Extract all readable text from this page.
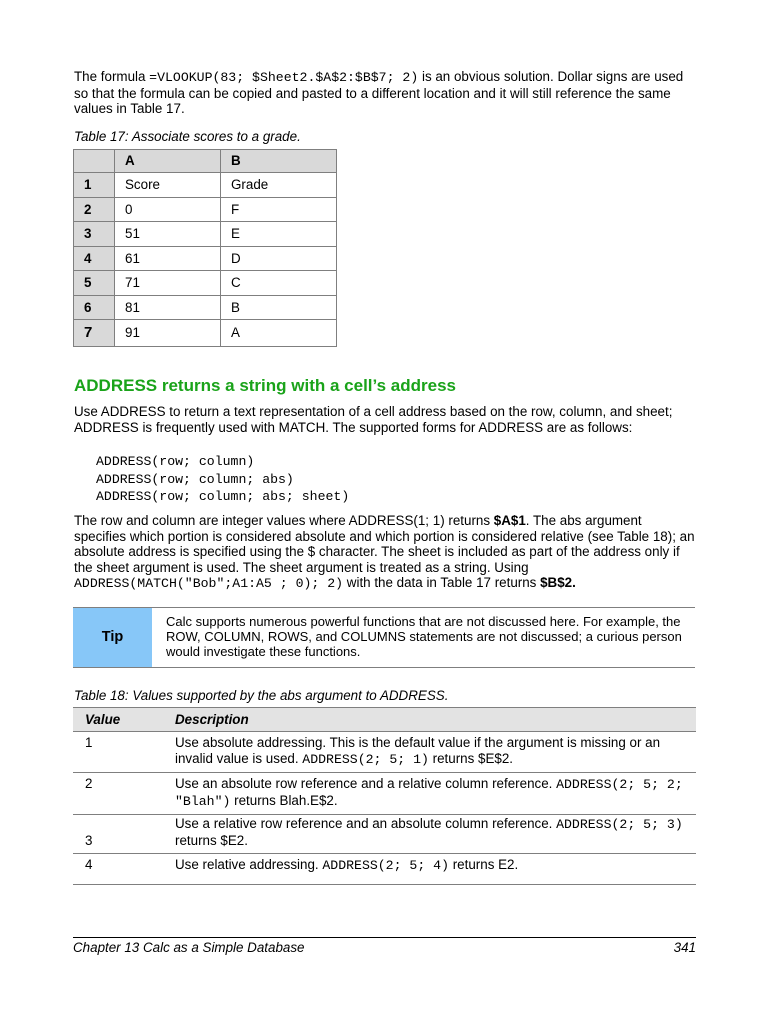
The formula =VLOOKUP(83; $Sheet2.$A$2:$B$7; 2) is an obvious solution. Dollar signs are used so that the formula can be copied and pasted to a different location and it will still reference the same values in Table 17.

Table 17: Associate scores to a grade.

	A	B
1	Score	Grade
2	0	F
3	51	E
4	61	D
5	71	C
6	81	B
7	91	A
ADDRESS returns a string with a cell’s address

Use ADDRESS to return a text representation of a cell address based on the row, column, and sheet; ADDRESS is frequently used with MATCH. The supported forms for ADDRESS are as follows:

ADDRESS(row; column)
ADDRESS(row; column; abs)
ADDRESS(row; column; abs; sheet)

The row and column are integer values where ADDRESS(1; 1) returns $A$1. The abs argument specifies which portion is considered absolute and which portion is considered relative (see Table 18); an absolute address is specified using the $ character. The sheet is included as part of the address only if the sheet argument is used. The sheet argument is treated as a string. Using ADDRESS(MATCH("Bob";A1:A5 ; 0); 2) with the data in Table 17 returns $B$2.

Tip
Calc supports numerous powerful functions that are not discussed here. For example, the ROW, COLUMN, ROWS, and COLUMNS statements are not discussed; a curious person would investigate these functions.

Table 18: Values supported by the abs argument to ADDRESS.

Value	Description
1	Use absolute addressing. This is the default value if the argument is missing or an invalid value is used. ADDRESS(2; 5; 1) returns $E$2.
2	Use an absolute row reference and a relative column reference. ADDRESS(2; 5; 2; "Blah") returns Blah.E$2.
3	Use a relative row reference and an absolute column reference. ADDRESS(2; 5; 3) returns $E2.
4	Use relative addressing. ADDRESS(2; 5; 4) returns E2.
Chapter 13 Calc as a Simple Database	341
